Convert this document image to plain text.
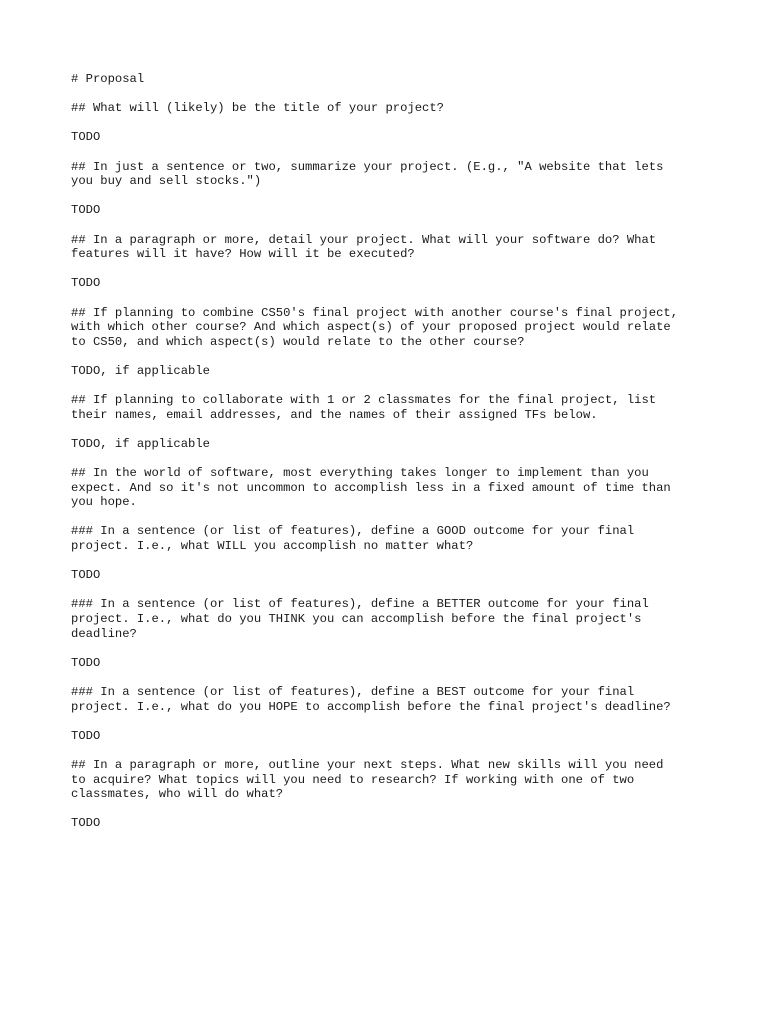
# Proposal
## What will (likely) be the title of your project?
TODO
## In just a sentence or two, summarize your project. (E.g., "A website that lets
you buy and sell stocks.")
TODO
## In a paragraph or more, detail your project. What will your software do? What
features will it have? How will it be executed?
TODO
## If planning to combine CS50's final project with another course's final project,
with which other course? And which aspect(s) of your proposed project would relate
to CS50, and which aspect(s) would relate to the other course?
TODO, if applicable
## If planning to collaborate with 1 or 2 classmates for the final project, list
their names, email addresses, and the names of their assigned TFs below.
TODO, if applicable
## In the world of software, most everything takes longer to implement than you
expect. And so it's not uncommon to accomplish less in a fixed amount of time than
you hope.
### In a sentence (or list of features), define a GOOD outcome for your final
project. I.e., what WILL you accomplish no matter what?
TODO
### In a sentence (or list of features), define a BETTER outcome for your final
project. I.e., what do you THINK you can accomplish before the final project's
deadline?
TODO
### In a sentence (or list of features), define a BEST outcome for your final
project. I.e., what do you HOPE to accomplish before the final project's deadline?
TODO
## In a paragraph or more, outline your next steps. What new skills will you need
to acquire? What topics will you need to research? If working with one of two
classmates, who will do what?
TODO
